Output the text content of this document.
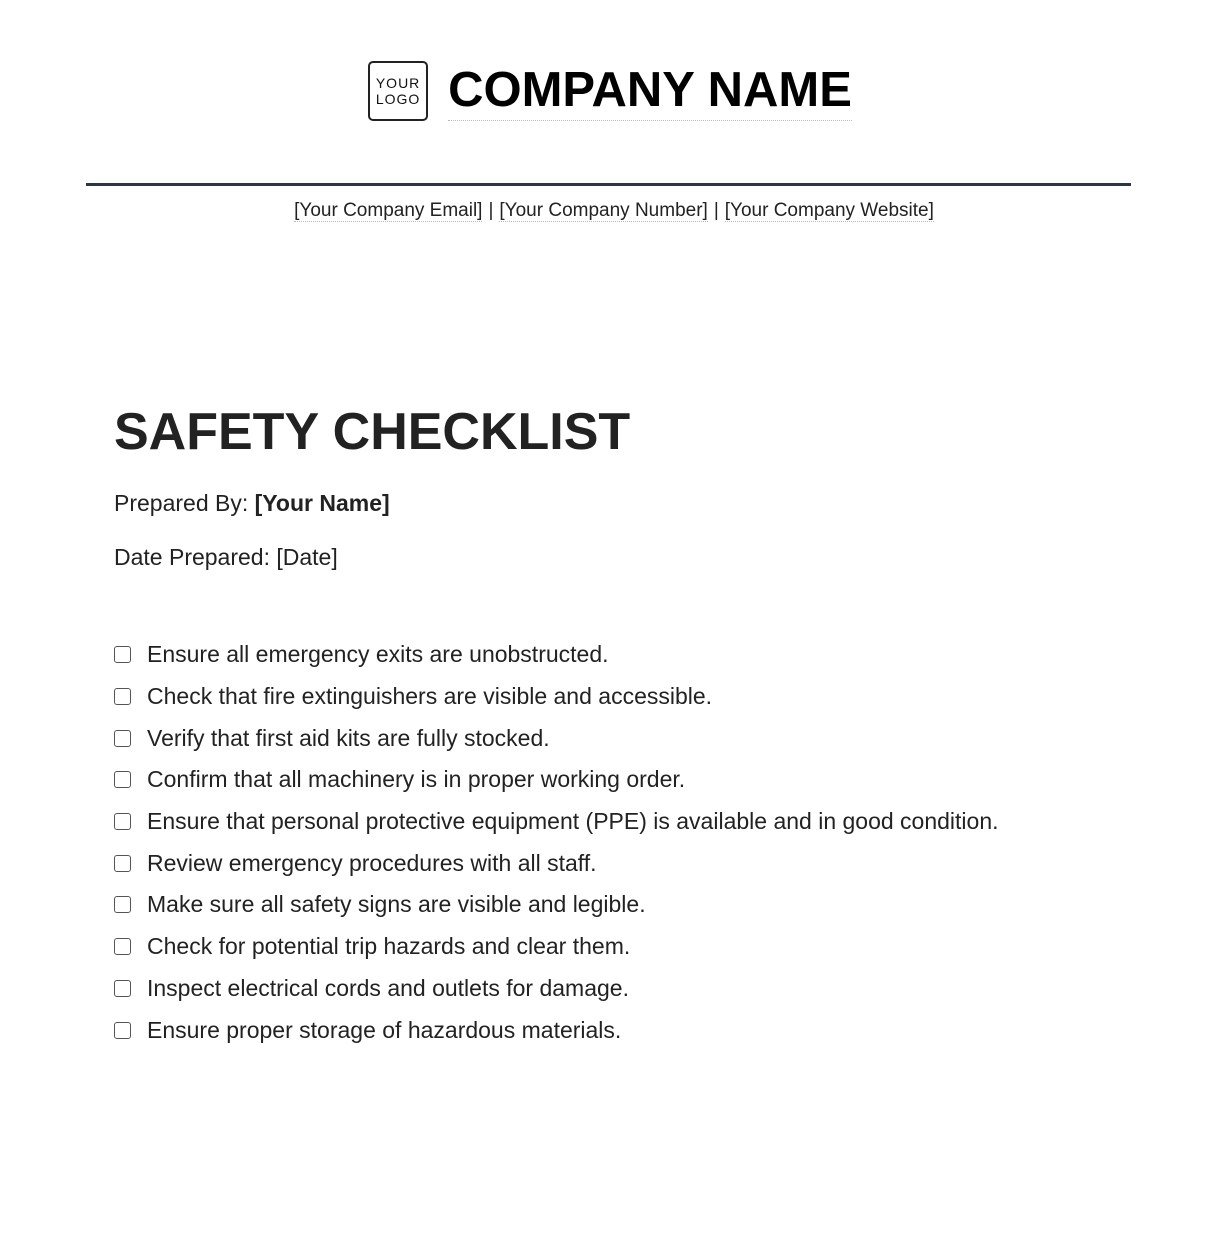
YOUR
LOGO COMPANY NAME
[Your Company Email] | [Your Company Number] | [Your Company Website]
SAFETY CHECKLIST
Prepared By: [Your Name]
Date Prepared: [Date]
Ensure all emergency exits are unobstructed.
Check that fire extinguishers are visible and accessible.
Verify that first aid kits are fully stocked.
Confirm that all machinery is in proper working order.
Ensure that personal protective equipment (PPE) is available and in good condition.
Review emergency procedures with all staff.
Make sure all safety signs are visible and legible.
Check for potential trip hazards and clear them.
Inspect electrical cords and outlets for damage.
Ensure proper storage of hazardous materials.
